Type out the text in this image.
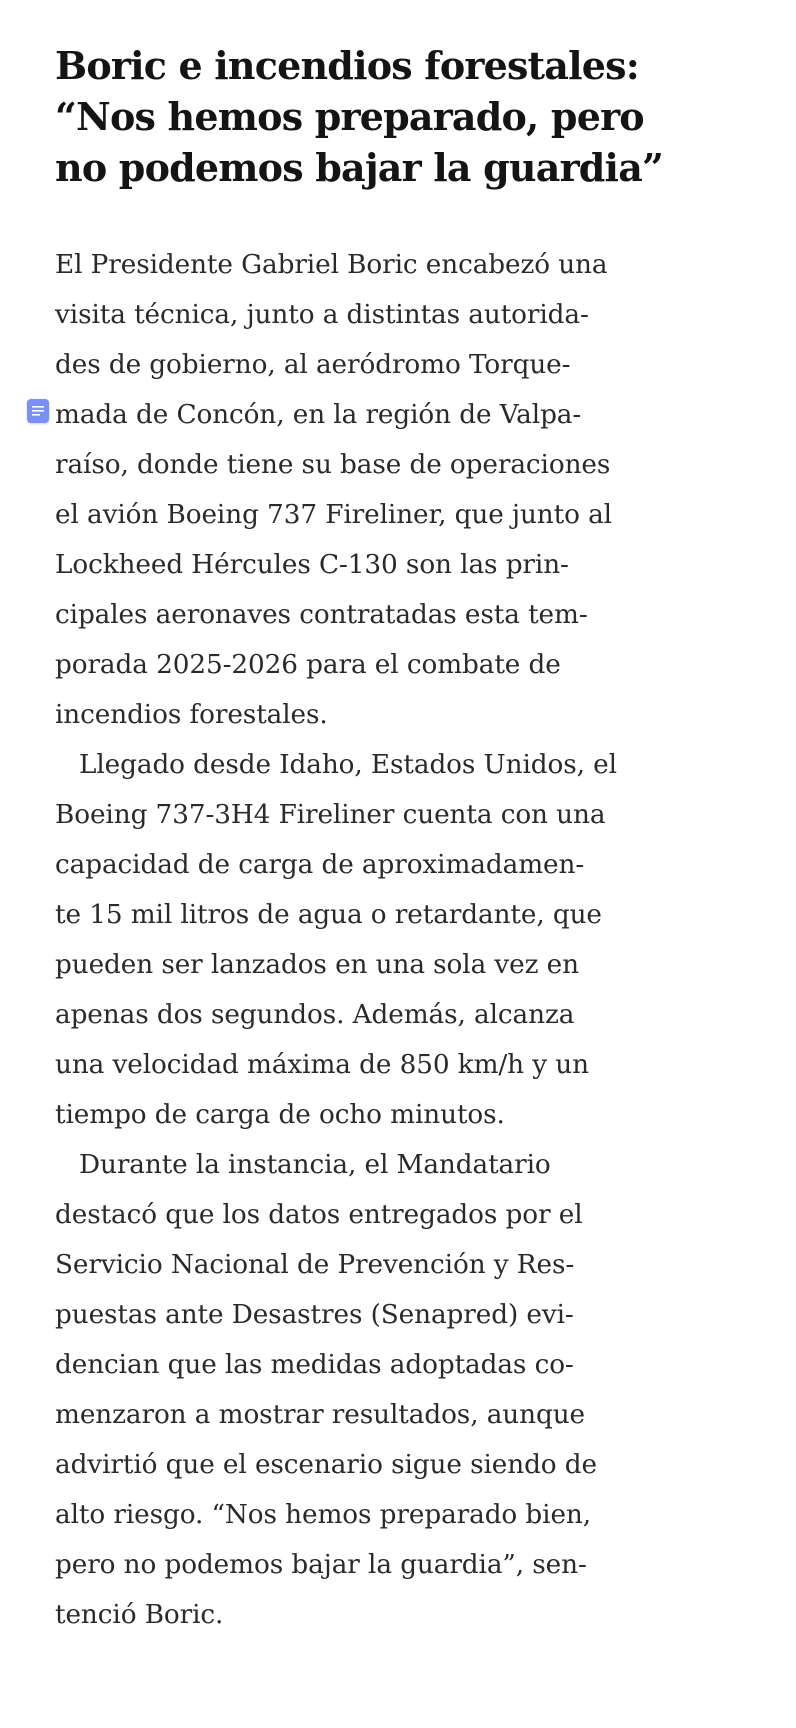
Boric e incendios forestales:
“Nos hemos preparado, pero
no podemos bajar la guardia”

El Presidente Gabriel Boric encabezó una
visita técnica, junto a distintas autorida-
des de gobierno, al aeródromo Torque-
mada de Concón, en la región de Valpa-
raíso, donde tiene su base de operaciones
el avión Boeing 737 Fireliner, que junto al
Lockheed Hércules C-130 son las prin-
cipales aeronaves contratadas esta tem-
porada 2025-2026 para el combate de
incendios forestales.

Llegado desde Idaho, Estados Unidos, el
Boeing 737-3H4 Fireliner cuenta con una
capacidad de carga de aproximadamen-
te 15 mil litros de agua o retardante, que
pueden ser lanzados en una sola vez en
apenas dos segundos. Además, alcanza
una velocidad máxima de 850 km/h y un
tiempo de carga de ocho minutos.

Durante la instancia, el Mandatario
destacó que los datos entregados por el
Servicio Nacional de Prevención y Res-
puestas ante Desastres (Senapred) evi-
dencian que las medidas adoptadas co-
menzaron a mostrar resultados, aunque
advirtió que el escenario sigue siendo de
alto riesgo. “Nos hemos preparado bien,
pero no podemos bajar la guardia”, sen-
tenció Boric.
